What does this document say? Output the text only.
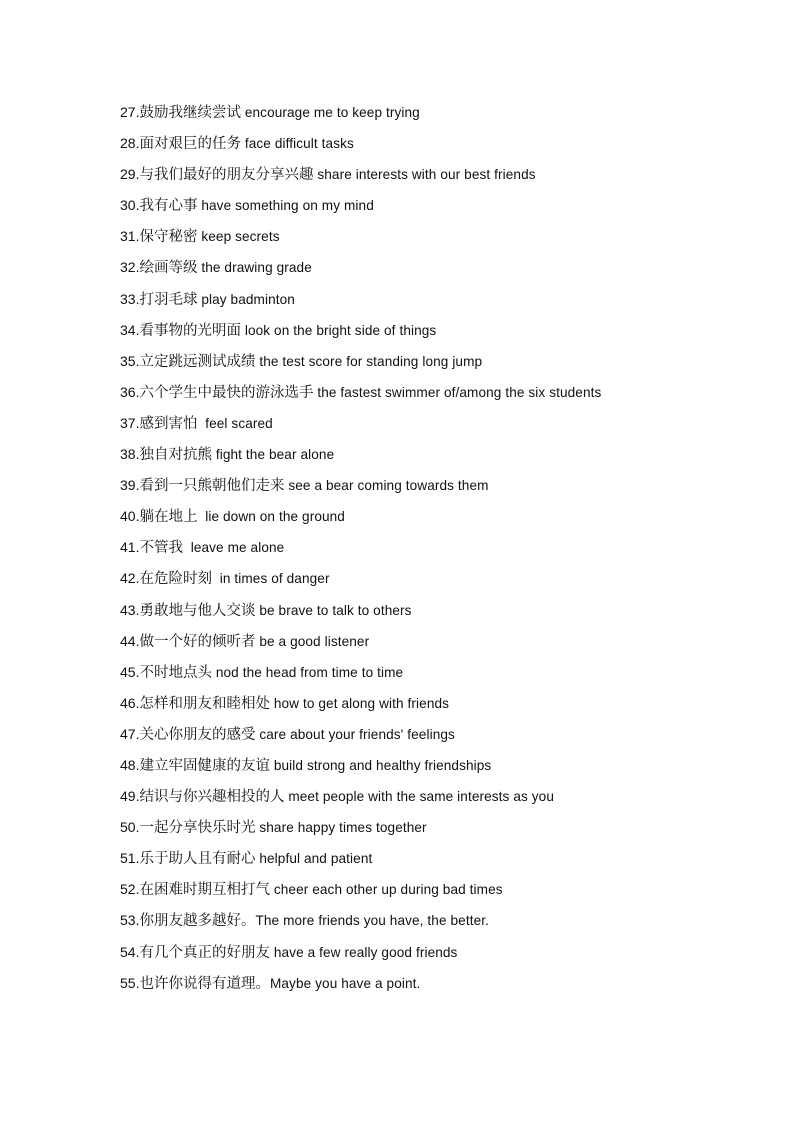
27.鼓励我继续尝试 encourage me to keep trying
28.面对艰巨的任务 face difficult tasks
29.与我们最好的朋友分享兴趣 share interests with our best friends
30.我有心事 have something on my mind
31.保守秘密 keep secrets
32.绘画等级 the drawing grade
33.打羽毛球 play badminton
34.看事物的光明面 look on the bright side of things
35.立定跳远测试成绩 the test score for standing long jump
36.六个学生中最快的游泳选手 the fastest swimmer of/among the six students
37.感到害怕  feel scared
38.独自对抗熊 fight the bear alone
39.看到一只熊朝他们走来 see a bear coming towards them
40.躺在地上  lie down on the ground
41.不管我  leave me alone
42.在危险时刻  in times of danger
43.勇敢地与他人交谈 be brave to talk to others
44.做一个好的倾听者 be a good listener
45.不时地点头 nod the head from time to time
46.怎样和朋友和睦相处 how to get along with friends
47.关心你朋友的感受 care about your friends' feelings
48.建立牢固健康的友谊 build strong and healthy friendships
49.结识与你兴趣相投的人 meet people with the same interests as you
50.一起分享快乐时光 share happy times together
51.乐于助人且有耐心 helpful and patient
52.在困难时期互相打气 cheer each other up during bad times
53.你朋友越多越好。The more friends you have, the better.
54.有几个真正的好朋友 have a few really good friends
55.也许你说得有道理。Maybe you have a point.
